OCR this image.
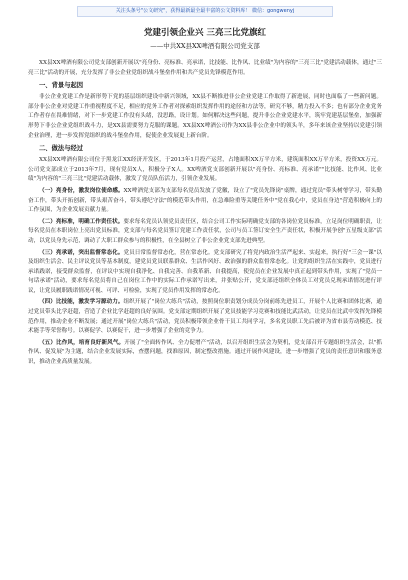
关注头条号"公文研究"，获得最新最全最丰富的公文资料库！ 微信：gongwenyj
党建引领企业兴 三亮三比党旗红
——中共XX县XX啤酒有限公司党支部

XX县XX啤酒有限公司党支部创新开展以"亮身份、亮标准、亮承诺，比技能、比作风、比业绩"为内容的"三亮三比"党建活动载体，通过"三亮三比"活动的开展，充分发挥了非公企业党组织战斗堡垒作用和共产党员先锋模范作用。

一、背景与起因

非公企业党建工作是新形势下党的基层组织建设中新兴领域，XX县不断推进非公企业党建工作取得了新进展，同时也面临了一些新问题。部分非公企业对党建工作重视程度不足，相应的党务工作者对探索组织发挥作用的途径和方法等，研究不够，精力投入不多；也有部分企业党务工作者存在畏难情绪，对下一步党建工作没有头绪，没思路，设计划。如何解决这些问题，提升非公企业党建水平，筑牢党建基层堡垒，加强新形势下非公企业党组织战斗力，是XX县需要努力克服的课题。XX县XX啤酒公司作为XX县非公企业中的领头羊，多年来该企业坚持以党建引领企业治理，进一步发挥党组织的战斗堡垒作用，促使企业发展更上新台阶。

二、做法与经过

XX县XX啤酒有限公司位于黑龙江XX经济开发区，于2013年1月投产运营，占地面积XX万平方米，建筑面积XX万平方米，投资XX万元。公司党支部成立于2013年7月，现有党员X人，积极分子X人。XX啤酒党支部创新开展以"亮身份、亮标准、亮承诺""比技能、比作风、比业绩"为内容的"三亮三比"党建活动载体，激发了党员队伍活力，引领企业发展。

（一）亮身份，激发岗位使命感。XX啤酒党支部为支部每名党员发放了党徽，设立了"党员先锋岗"桌牌，通过党员"带头树형学习，带头勤奋工作，带头开拓创新，带头艰苦奋斗，带头遵纪守法"的模范带头作用，在急难险重等关键任务中"党在我心中，党员在身边"营造积极向上的工作氛围，为企业发展贡献力量。

（二）亮标准，明确工作责任状。要求每名党员认领党员责任区，结合公司工作实际明确党支部的各岗位党员标准，立足岗位明确职责，让每名党员在本职岗位上亮出党员标准，党支部与每名党员签订党建工作责任状，公司与员工签订安全生产责任状，积极开展争创"五星级支部"活动，以党员身先示范，调动了大职工群众参与的积极性，在全县树立了非公企业党支部先进典型。

（三）亮承诺，突出监督常态化。党员日常监督常态化，营在常态化。党支部研究了将党内政治生活严起来、实起来，执行好"三会一课"以及组织生活会、民主评议党员等基本制度，建党员党员联系群众、生活作风好、政治强的群众监督常态化。让党的组织生活在实践中，党员进行承诺践诺，接受群众监督，在评议中实现自我净化、自我完善、自我革新、自我提高，使党员在企业发展中真正起到带头作用，实现了"党员一句话承诺"活动，要求每名党员将自己在岗位工作中的实际工作承诺写出来，并张贴公开，党支部还组织全体员工对党员兑现承诺情况进行评议，让党员履职践诺情况可视、可评、可检验，实现了党员作用发挥的常态化。

（四）比技能，激发学习源动力。组织开展了"岗位大练兵"活动，按照岗位职责划分成员分岗前练先进员工，开展个人比赛和团体比赛，通过党员带头比学赶超，营造了企业比学赶超的良好氛围。党支部定期组织开展了党员技能学习竞赛和技能比武活动，让党员在比武中发挥先锋模范作用，推动企业不断发展；通过开展"岗位大练兵"活动，党员积极带领企业骨干员工共同学习，多名党员职工先后被评为省市县劳动模范、技术能手等荣誉称号。以赛促学、以赛促干，进一步增强了企业的竞争力。

（五）比作风，培育良好新风气。开展了"全面转作风、全力促增产"活动，以召开组织生活会为契机，党支部召开专题组织生活会，以"抓作风、促发展"为主题，结合企业发展实际，查摆问题，找准原因，制定整改措施。通过开展作风建设，进一步增强了党员的责任意识和服务意识，推动企业高质量发展。
